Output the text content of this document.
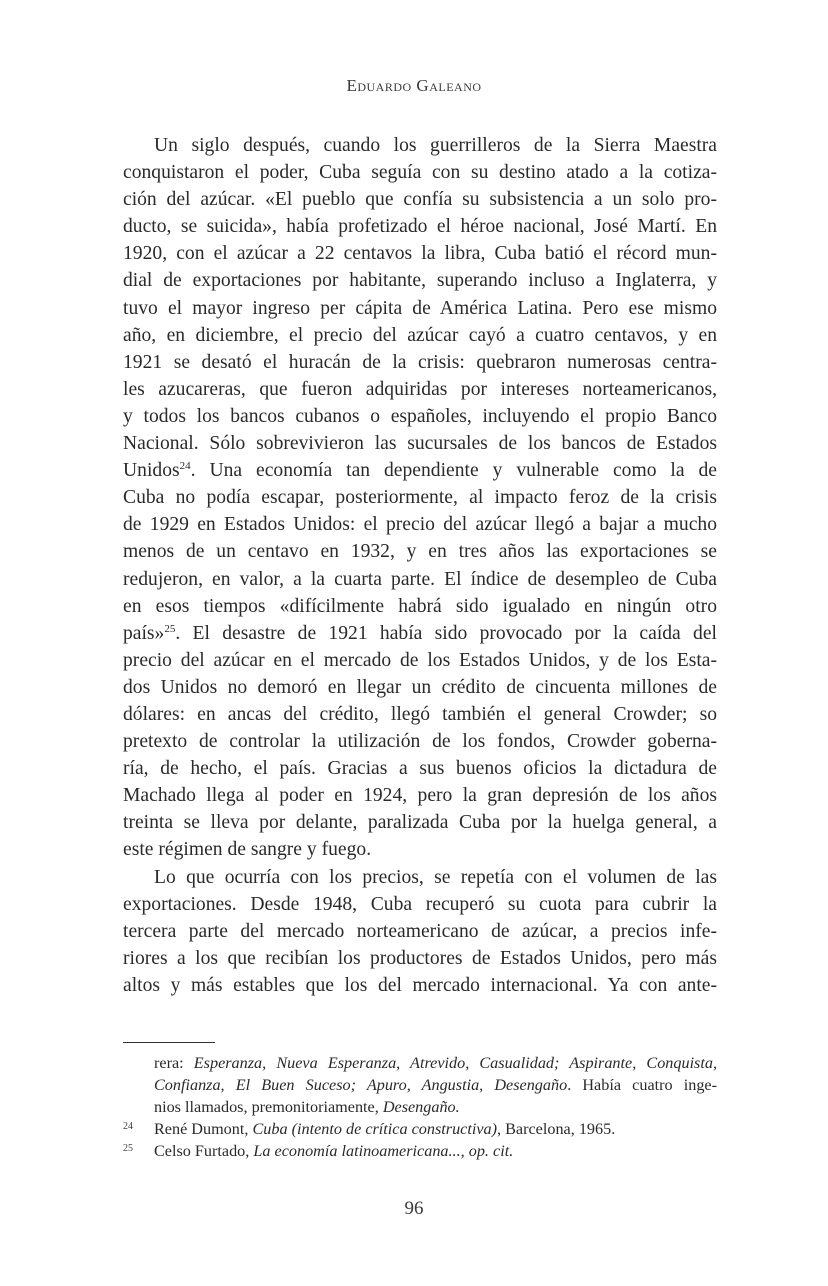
Eduardo Galeano
Un siglo después, cuando los guerrilleros de la Sierra Maestra
conquistaron el poder, Cuba seguía con su destino atado a la cotiza-
ción del azúcar. «El pueblo que confía su subsistencia a un solo pro-
ducto, se suicida», había profetizado el héroe nacional, José Martí. En
1920, con el azúcar a 22 centavos la libra, Cuba batió el récord mun-
dial de exportaciones por habitante, superando incluso a Inglaterra, y
tuvo el mayor ingreso per cápita de América Latina. Pero ese mismo
año, en diciembre, el precio del azúcar cayó a cuatro centavos, y en
1921 se desató el huracán de la crisis: quebraron numerosas centra-
les azucareras, que fueron adquiridas por intereses norteamericanos,
y todos los bancos cubanos o españoles, incluyendo el propio Banco
Nacional. Sólo sobrevivieron las sucursales de los bancos de Estados
Unidos$^{24}$. Una economía tan dependiente y vulnerable como la de
Cuba no podía escapar, posteriormente, al impacto feroz de la crisis
de 1929 en Estados Unidos: el precio del azúcar llegó a bajar a mucho
menos de un centavo en 1932, y en tres años las exportaciones se
redujeron, en valor, a la cuarta parte. El índice de desempleo de Cuba
en esos tiempos «difícilmente habrá sido igualado en ningún otro
país»$^{25}$. El desastre de 1921 había sido provocado por la caída del
precio del azúcar en el mercado de los Estados Unidos, y de los Esta-
dos Unidos no demoró en llegar un crédito de cincuenta millones de
dólares: en ancas del crédito, llegó también el general Crowder; so
pretexto de controlar la utilización de los fondos, Crowder goberna-
ría, de hecho, el país. Gracias a sus buenos oficios la dictadura de
Machado llega al poder en 1924, pero la gran depresión de los años
treinta se lleva por delante, paralizada Cuba por la huelga general, a
este régimen de sangre y fuego.
Lo que ocurría con los precios, se repetía con el volumen de las
exportaciones. Desde 1948, Cuba recuperó su cuota para cubrir la
tercera parte del mercado norteamericano de azúcar, a precios infe-
riores a los que recibían los productores de Estados Unidos, pero más
altos y más estables que los del mercado internacional. Ya con ante-
rera: Esperanza, Nueva Esperanza, Atrevido, Casualidad; Aspirante, Conquista,
Confianza, El Buen Suceso; Apuro, Angustia, Desengaño. Había cuatro inge-
nios llamados, premonitoriamente, Desengaño.
24 René Dumont, Cuba (intento de crítica constructiva), Barcelona, 1965.
25 Celso Furtado, La economía latinoamericana..., op. cit.
96
